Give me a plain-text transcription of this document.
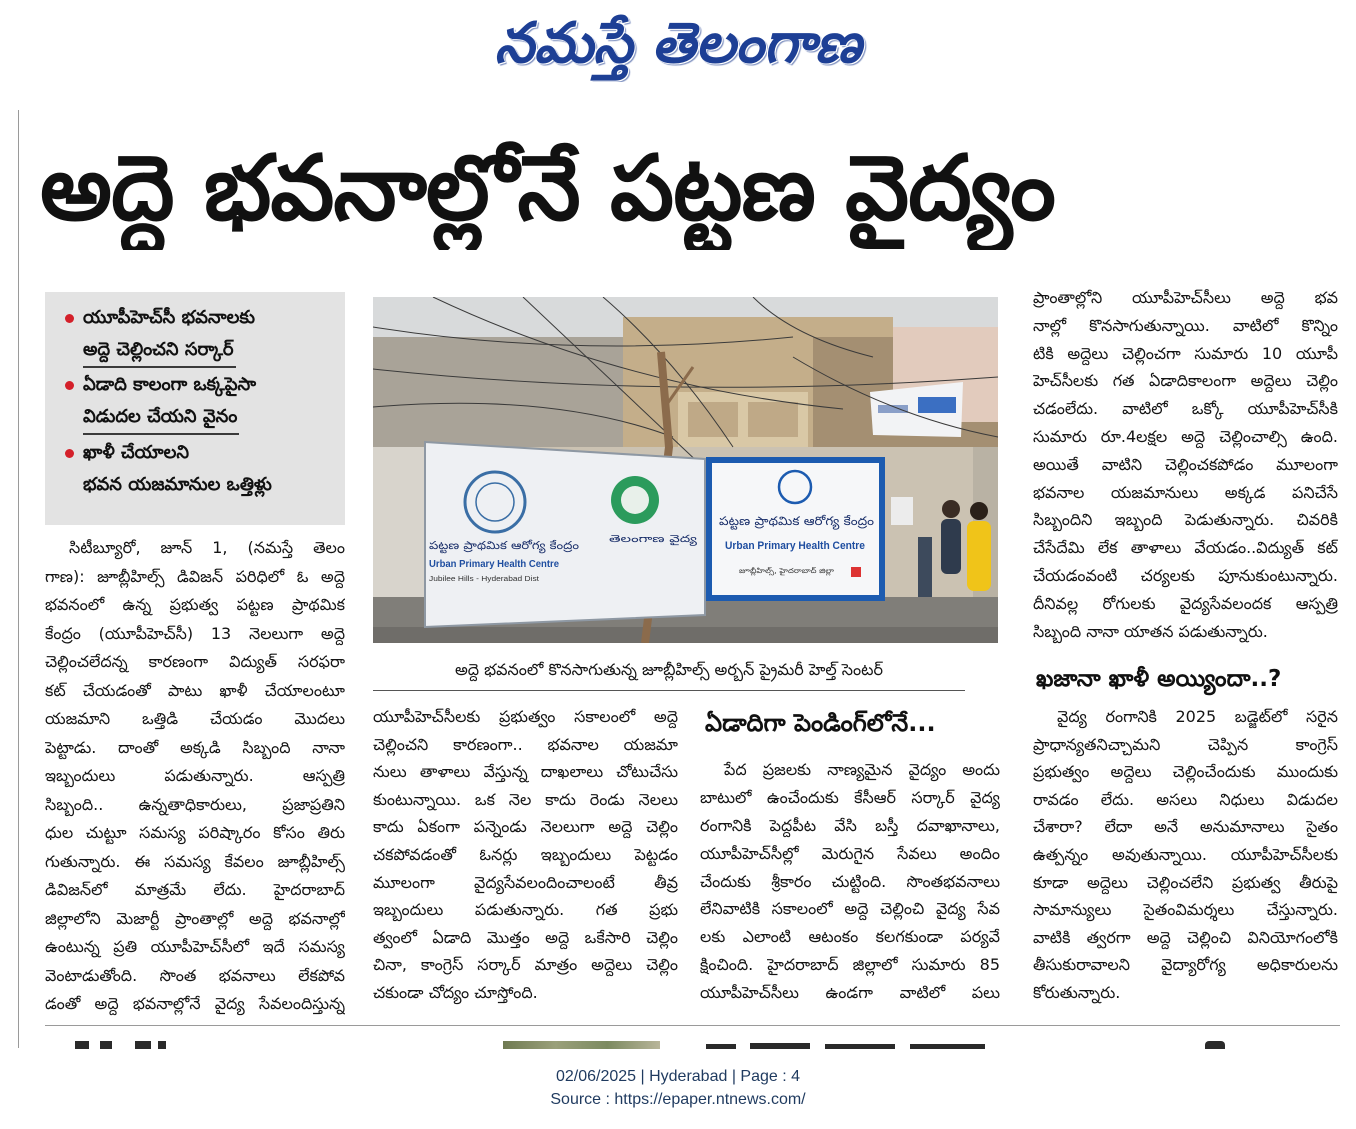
నమస్తే తెలంగాణ
అద్దె భవనాల్లోనే పట్టణ వైద్యం
యూపీహెచ్‌సీ భవనాలకు
అద్దె చెల్లించని సర్కార్
ఏడాది కాలంగా ఒక్కపైసా
విడుదల చేయని వైనం
ఖాళీ చేయాలని
భవన యజమానుల ఒత్తిళ్లు
పట్టణ ప్రాథమిక ఆరోగ్య కేంద్రం
Urban Primary Health Centre
Jubilee Hills - Hyderabad Dist
తెలంగాణ వైద్య
పట్టణ ప్రాథమిక ఆరోగ్య కేంద్రం
Urban Primary Health Centre
జూబ్లీహిల్స్, హైదరాబాద్ జిల్లా
అద్దె భవనంలో కొనసాగుతున్న జూబ్లీహిల్స్ అర్బన్ ప్రైమరీ హెల్త్ సెంటర్
సిటీబ్యూరో, జూన్ 1, (నమస్తే తెలం
గాణ): జూబ్లీహిల్స్ డివిజన్ పరిధిలో ఓ అద్దె
భవనంలో ఉన్న ప్రభుత్వ పట్టణ ప్రాథమిక
కేంద్రం (యూపీహెచ్‌సీ) 13 నెలలుగా అద్దె
చెల్లించలేదన్న కారణంగా విద్యుత్ సరఫరా
కట్ చేయడంతో పాటు ఖాళీ చేయాలంటూ
యజమాని ఒత్తిడి చేయడం మొదలు
పెట్టాడు. దాంతో అక్కడి సిబ్బంది నానా
ఇబ్బందులు పడుతున్నారు. ఆస్పత్రి
సిబ్బంది.. ఉన్నతాధికారులు, ప్రజాప్రతిని
ధుల చుట్టూ సమస్య పరిష్కారం కోసం తిరు
గుతున్నారు. ఈ సమస్య కేవలం జూబ్లీహిల్స్
డివిజన్‌లో మాత్రమే లేదు. హైదరాబాద్
జిల్లాలోని మెజార్టీ ప్రాంతాల్లో అద్దె భవనాల్లో
ఉంటున్న ప్రతి యూపీహెచ్‌సీలో ఇదే సమస్య
వెంటాడుతోంది. సొంత భవనాలు లేకపోవ
డంతో అద్దె భవనాల్లోనే వైద్య సేవలందిస్తున్న
యూపీహెచ్‌సీలకు ప్రభుత్వం సకాలంలో అద్దె
చెల్లించని కారణంగా.. భవనాల యజమా
నులు తాళాలు వేస్తున్న దాఖలాలు చోటుచేసు
కుంటున్నాయి. ఒక నెల కాదు రెండు నెలలు
కాదు ఏకంగా పన్నెండు నెలలుగా అద్దె చెల్లిం
చకపోవడంతో ఓనర్లు ఇబ్బందులు పెట్టడం
మూలంగా వైద్యసేవలందించాలంటే తీవ్ర
ఇబ్బందులు పడుతున్నారు. గత ప్రభు
త్వంలో ఏడాది మొత్తం అద్దె ఒకేసారి చెల్లిం
చినా, కాంగ్రెస్ సర్కార్ మాత్రం అద్దెలు చెల్లిం
చకుండా చోద్యం చూస్తోంది.
ఏడాదిగా పెండింగ్‌లోనే...
పేద ప్రజలకు నాణ్యమైన వైద్యం అందు
బాటులో ఉంచేందుకు కేసీఆర్ సర్కార్ వైద్య
రంగానికి పెద్దపీట వేసి బస్తీ దవాఖానాలు,
యూపీహెచ్‌సీల్లో మెరుగైన సేవలు అందిం
చేందుకు శ్రీకారం చుట్టింది. సొంతభవనాలు
లేనివాటికి సకాలంలో అద్దె చెల్లించి వైద్య సేవ
లకు ఎలాంటి ఆటంకం కలగకుండా పర్యవే
క్షించింది. హైదరాబాద్ జిల్లాలో సుమారు 85
యూపీహెచ్‌సీలు ఉండగా వాటిలో పలు
ప్రాంతాల్లోని యూపీహెచ్‌సీలు అద్దె భవ
నాల్లో కొనసాగుతున్నాయి. వాటిలో కొన్నిం
టికి అద్దెలు చెల్లించగా సుమారు 10 యూపీ
హెచ్‌సీలకు గత ఏడాదికాలంగా అద్దెలు చెల్లిం
చడంలేదు. వాటిలో ఒక్కో యూపీహెచ్‌సీకి
సుమారు రూ.4లక్షల అద్దె చెల్లించాల్సి ఉంది.
అయితే వాటిని చెల్లించకపోడం మూలంగా
భవనాల యజమానులు అక్కడ పనిచేసే
సిబ్బందిని ఇబ్బంది పెడుతున్నారు. చివరికి
చేసేదేమి లేక తాళాలు వేయడం..విద్యుత్ కట్
చేయడంవంటి చర్యలకు పూనుకుంటున్నారు.
దీనివల్ల రోగులకు వైద్యసేవలందక ఆస్పత్రి
సిబ్బంది నానా యాతన పడుతున్నారు.
ఖజానా ఖాళీ అయ్యిందా..?
వైద్య రంగానికి 2025 బడ్జెట్‌లో సరైన
ప్రాధాన్యతనిచ్చామని చెప్పిన కాంగ్రెస్
ప్రభుత్వం అద్దెలు చెల్లించేందుకు ముందుకు
రావడం లేదు. అసలు నిధులు విడుదల
చేశారా? లేదా అనే అనుమానాలు సైతం
ఉత్పన్నం అవుతున్నాయి. యూపీహెచ్‌సీలకు
కూడా అద్దెలు చెల్లించలేని ప్రభుత్వ తీరుపై
సామాన్యులు సైతంవిమర్శలు చేస్తున్నారు.
వాటికి త్వరగా అద్దె చెల్లించి వినియోగంలోకి
తీసుకురావాలని వైద్యారోగ్య అధికారులను
కోరుతున్నారు.
02/06/2025 | Hyderabad | Page : 4
Source : https://epaper.ntnews.com/
